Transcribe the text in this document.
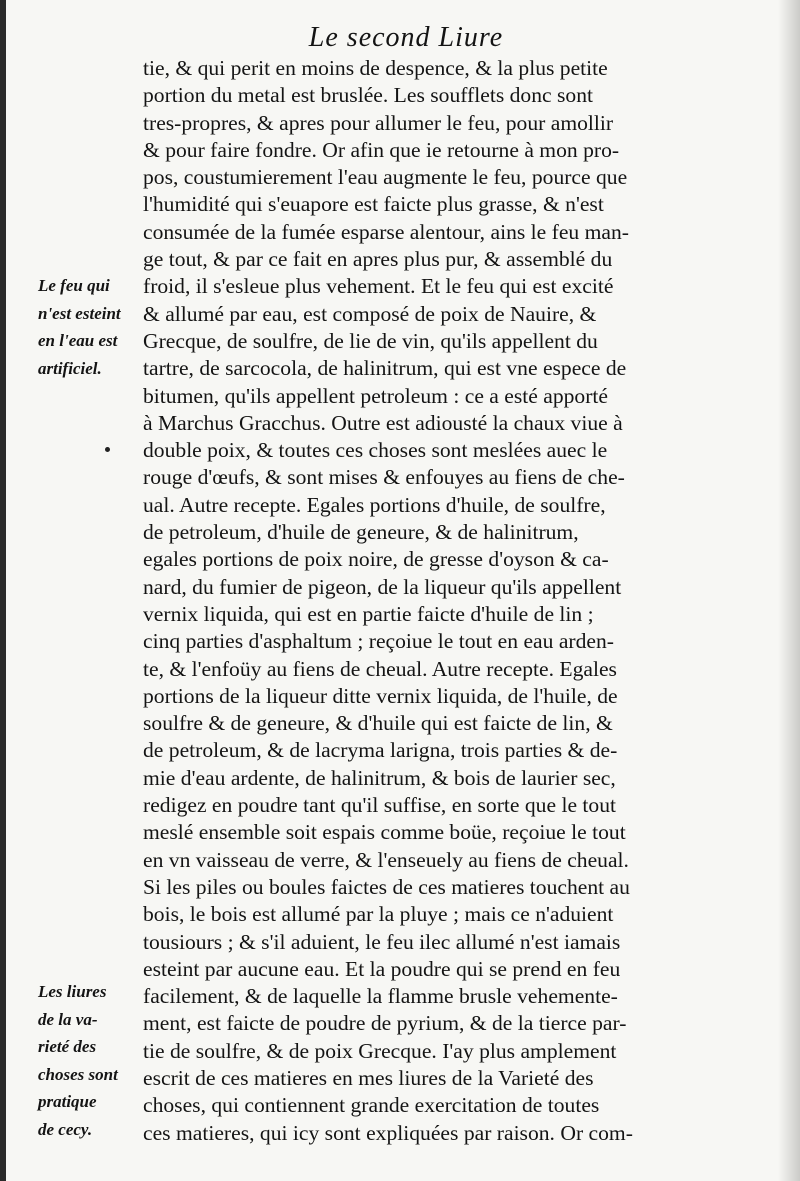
Le second Liure
tie, & qui perit en moins de despence, & la plus petite
portion du metal est bruslée. Les soufflets donc sont
tres-propres, & apres pour allumer le feu, pour amollir
& pour faire fondre. Or afin que ie retourne à mon pro-
pos, coustumierement l'eau augmente le feu, pource que
l'humidité qui s'euapore est faicte plus grasse, & n'est
consumée de la fumée esparse alentour, ains le feu man-
ge tout, & par ce fait en apres plus pur, & assemblé du
froid, il s'esleue plus vehement. Et le feu qui est excité
& allumé par eau, est composé de poix de Nauire, &
Grecque, de soulfre, de lie de vin, qu'ils appellent du
tartre, de sarcocola, de halinitrum, qui est vne espece de
bitumen, qu'ils appellent petroleum : ce a esté apporté
à Marchus Gracchus. Outre est adiousté la chaux viue à
double poix, & toutes ces choses sont meslées auec le
rouge d'œufs, & sont mises & enfouyes au fiens de che-
ual. Autre recepte. Egales portions d'huile, de soulfre,
de petroleum, d'huile de geneure, & de halinitrum,
egales portions de poix noire, de gresse d'oyson & ca-
nard, du fumier de pigeon, de la liqueur qu'ils appellent
vernix liquida, qui est en partie faicte d'huile de lin ;
cinq parties d'asphaltum ; reçoiue le tout en eau arden-
te, & l'enfoüy au fiens de cheual. Autre recepte. Egales
portions de la liqueur ditte vernix liquida, de l'huile, de
soulfre & de geneure, & d'huile qui est faicte de lin, &
de petroleum, & de lacryma larigna, trois parties & de-
mie d'eau ardente, de halinitrum, & bois de laurier sec,
redigez en poudre tant qu'il suffise, en sorte que le tout
meslé ensemble soit espais comme boüe, reçoiue le tout
en vn vaisseau de verre, & l'enseuely au fiens de cheual.
Si les piles ou boules faictes de ces matieres touchent au
bois, le bois est allumé par la pluye ; mais ce n'aduient
tousiours ; & s'il aduient, le feu ilec allumé n'est iamais
esteint par aucune eau. Et la poudre qui se prend en feu
facilement, & de laquelle la flamme brusle vehemente-
ment, est faicte de poudre de pyrium, & de la tierce par-
tie de soulfre, & de poix Grecque. I'ay plus amplement
escrit de ces matieres en mes liures de la Varieté des
choses, qui contiennent grande exercitation de toutes
ces matieres, qui icy sont expliquées par raison. Or com-
Le feu qui
n'est esteint
en l'eau est
artificiel.
Les liures
de la va-
rieté des
choses sont
pratique
de cecy.
